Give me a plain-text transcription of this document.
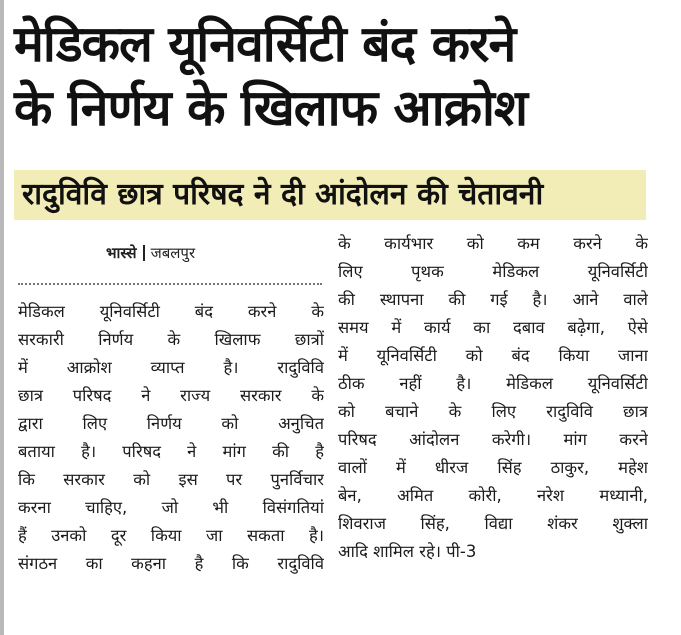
मेडिकल यूनिवर्सिटी बंद करने
के निर्णय के खिलाफ आक्रोश
रादुविवि छात्र परिषद ने दी आंदोलन की चेतावनी
भास्से जबलपुर

मेडिकल यूनिवर्सिटी बंद करने के
सरकारी निर्णय के खिलाफ छात्रों
में आक्रोश व्याप्त है। रादुविवि
छात्र परिषद ने राज्य सरकार के
द्वारा लिए निर्णय को अनुचित
बताया है। परिषद ने मांग की है
कि सरकार को इस पर पुनर्विचार
करना चाहिए, जो भी विसंगतियां
हैं उनको दूर किया जा सकता है।
संगठन का कहना है कि रादुविवि

के कार्यभार को कम करने के
लिए पृथक मेडिकल यूनिवर्सिटी
की स्थापना की गई है। आने वाले
समय में कार्य का दबाव बढ़ेगा, ऐसे
में यूनिवर्सिटी को बंद किया जाना
ठीक नहीं है। मेडिकल यूनिवर्सिटी
को बचाने के लिए रादुविवि छात्र
परिषद आंदोलन करेगी। मांग करने
वालों में धीरज सिंह ठाकुर, महेश
बेन, अमित कोरी, नरेश मध्यानी,
शिवराज सिंह, विद्या शंकर शुक्ला
आदि शामिल रहे। पी-3
